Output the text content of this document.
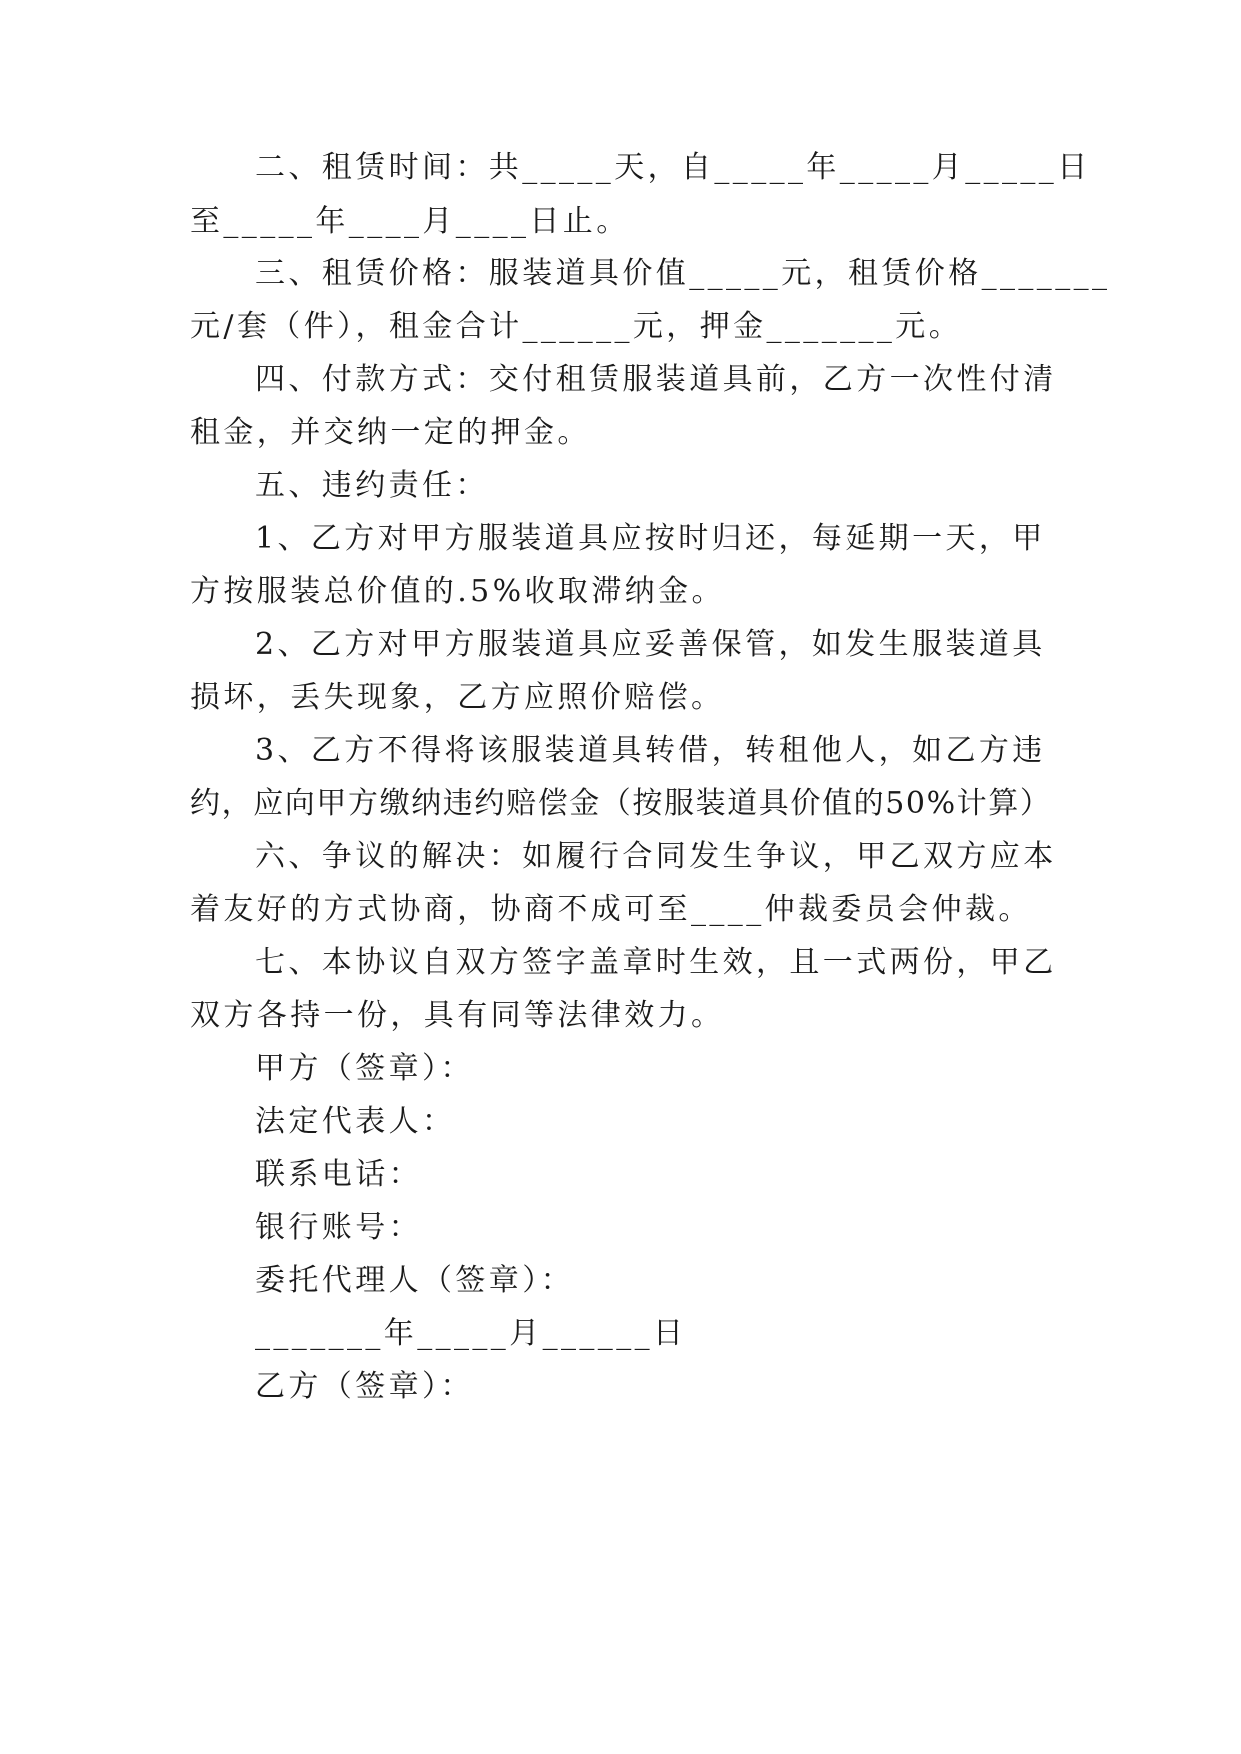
二、租赁时间：共_____天，自_____年_____月_____日
至_____年____月____日止。
三、租赁价格：服装道具价值_____元，租赁价格_______
元/套（件），租金合计______元，押金_______元。
四、付款方式：交付租赁服装道具前，乙方一次性付清
租金，并交纳一定的押金。
五、违约责任：
1、乙方对甲方服装道具应按时归还，每延期一天，甲
方按服装总价值的.5%收取滞纳金。
2、乙方对甲方服装道具应妥善保管，如发生服装道具
损坏，丢失现象，乙方应照价赔偿。
3、乙方不得将该服装道具转借，转租他人，如乙方违
约，应向甲方缴纳违约赔偿金（按服装道具价值的50%计算）
六、争议的解决：如履行合同发生争议，甲乙双方应本
着友好的方式协商，协商不成可至____仲裁委员会仲裁。
七、本协议自双方签字盖章时生效，且一式两份，甲乙
双方各持一份，具有同等法律效力。
甲方（签章）：
法定代表人：
联系电话：
银行账号：
委托代理人（签章）：
_______年_____月______日
乙方（签章）：
